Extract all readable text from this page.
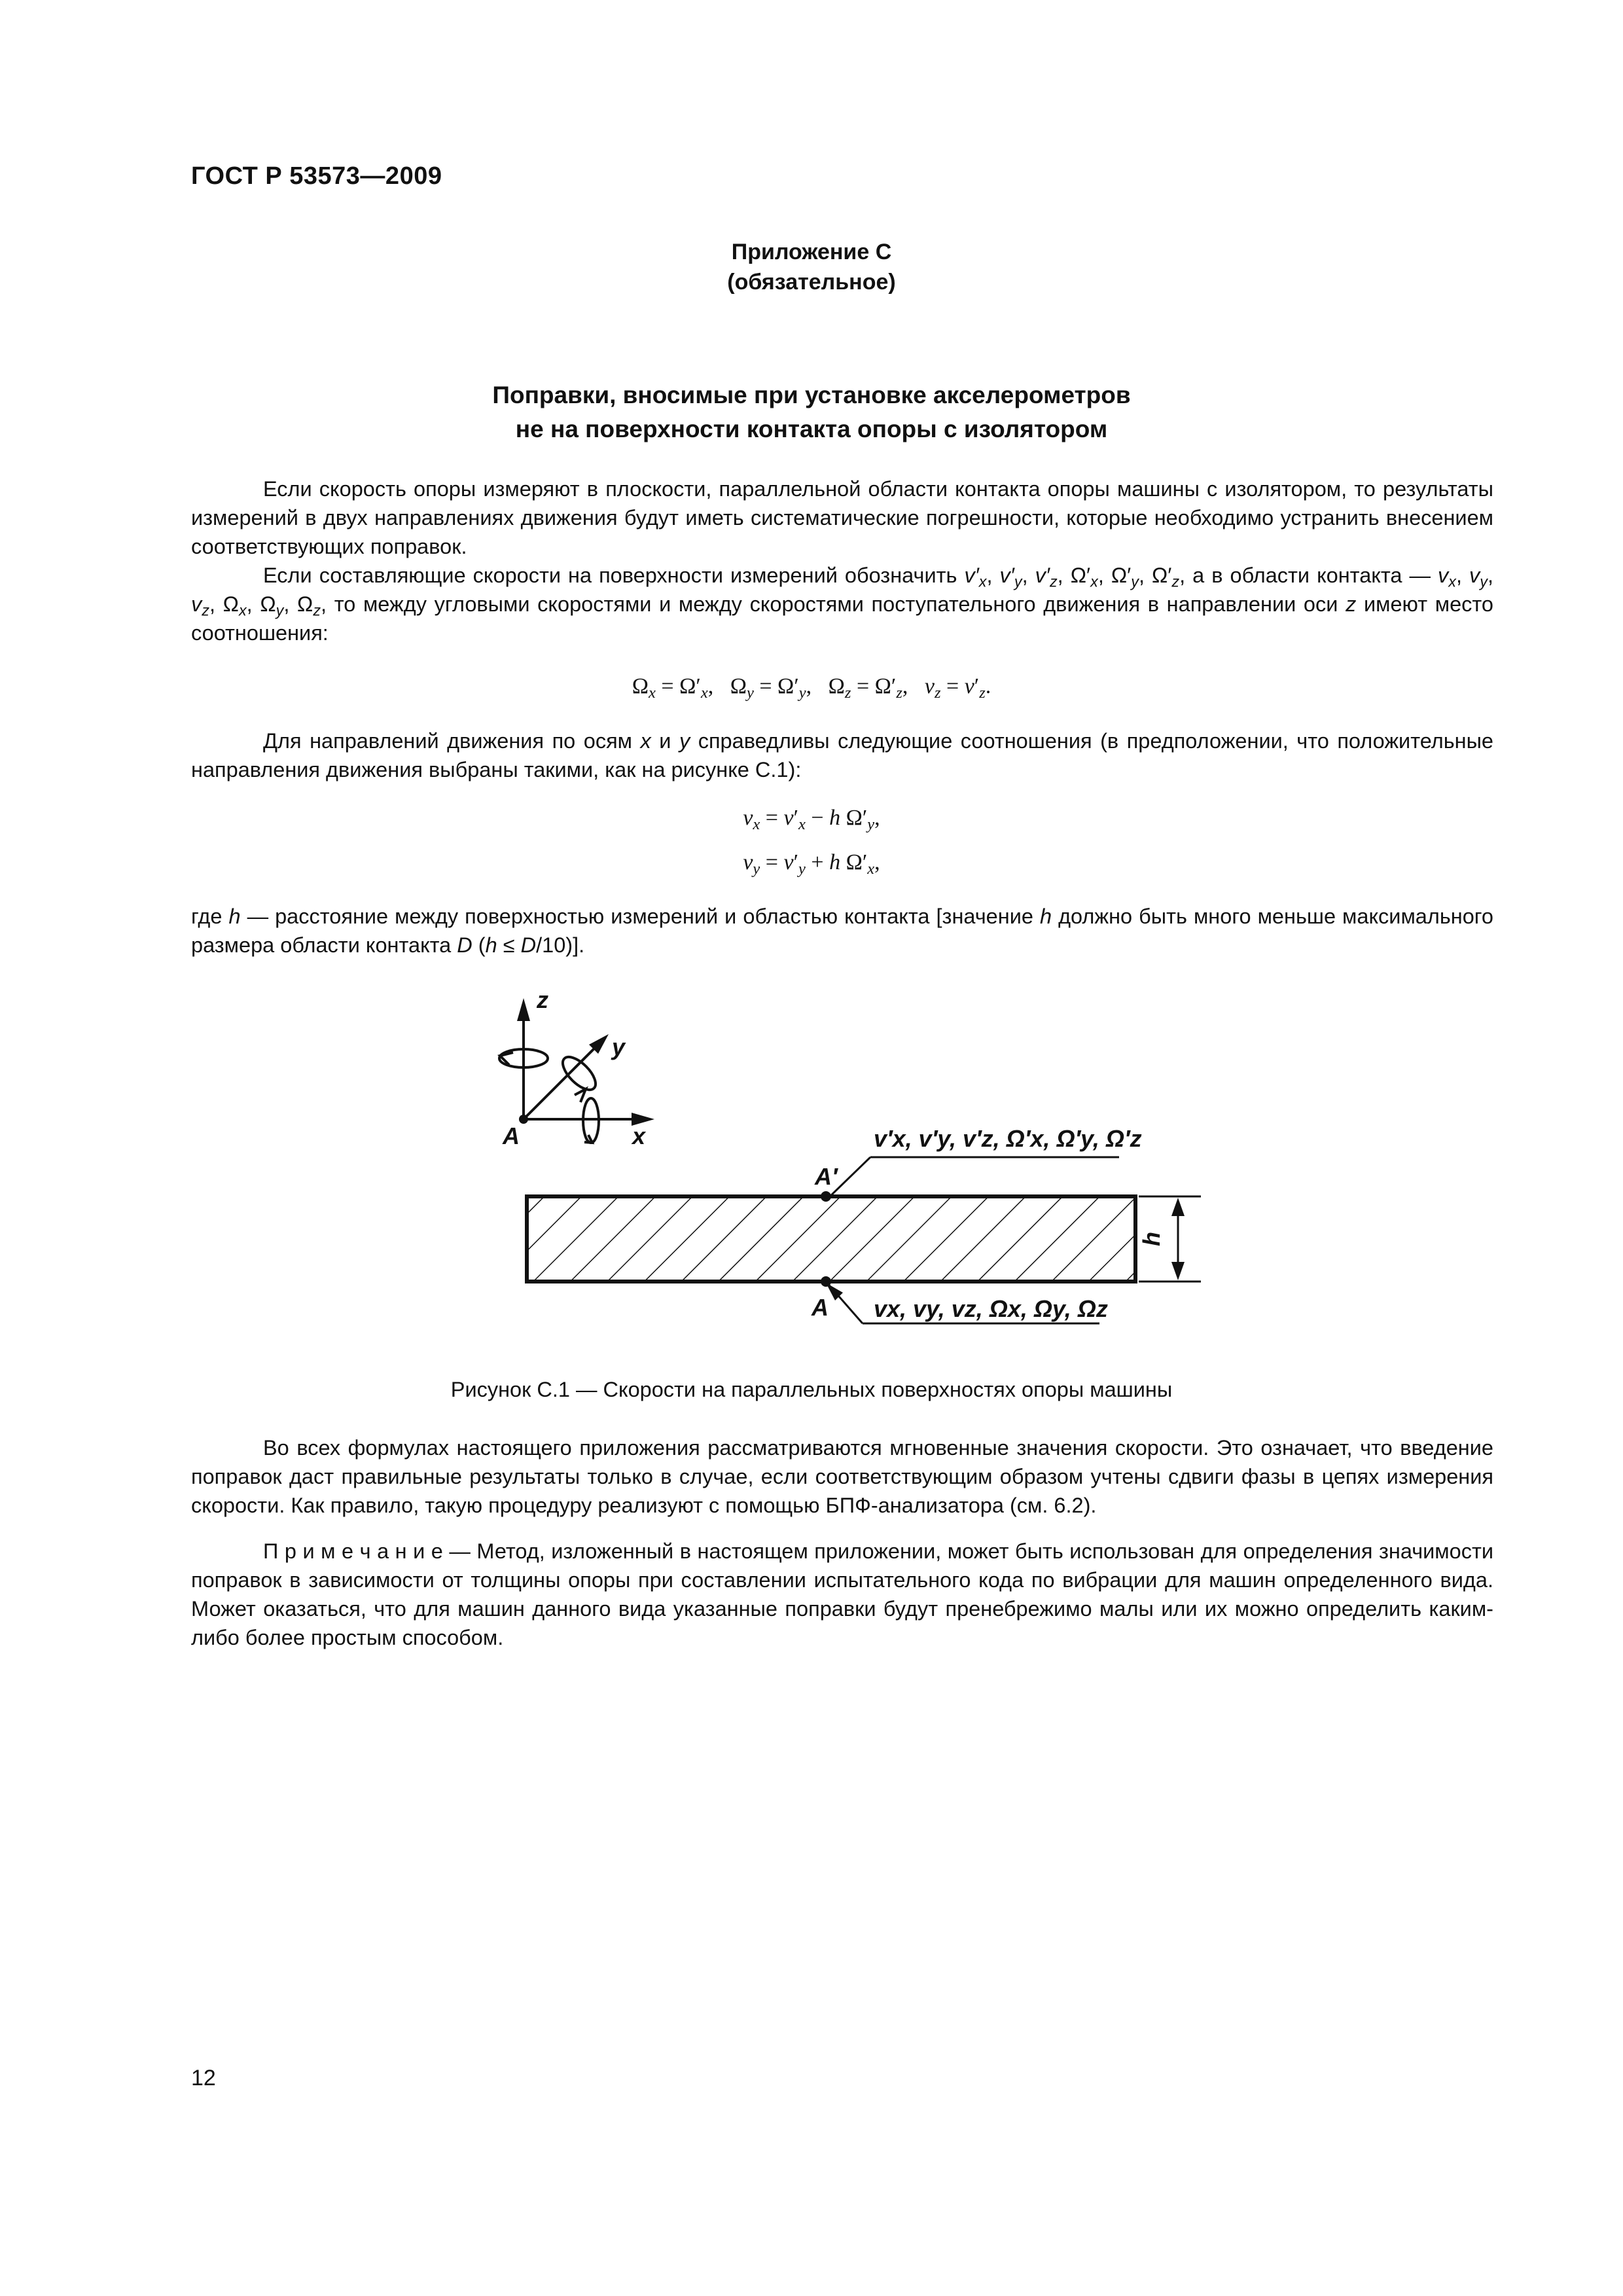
ГОСТ Р 53573—2009
Приложение С
(обязательное)
Поправки, вносимые при установке акселерометров
не на поверхности контакта опоры с изолятором

Если скорость опоры измеряют в плоскости, параллельной области контакта опоры машины с изолятором, то результаты измерений в двух направлениях движения будут иметь систематические погрешности, которые необходимо устранить внесением соответствующих поправок.

Если составляющие скорости на поверхности измерений обозначить $v'_x$, $v'_y$, $v'_z$, $\Omega'_x$, $\Omega'_y$, $\Omega'_z$, а в области контакта — $v_x$, $v_y$, $v_z$, $\Omega_x$, $\Omega_y$, $\Omega_z$, то между угловыми скоростями и между скоростями поступательного движения в направлении оси z имеют место соотношения:

$\Omega_x = \Omega'_x$,   $\Omega_y = \Omega'_y$,   $\Omega_z = \Omega'_z$,   $v_z = v'_z$.

Для направлений движения по осям x и y справедливы следующие соотношения (в предположении, что положительные направления движения выбраны такими, как на рисунке С.1):

$v_x = v'_x - h$ $\Omega'_y$,
$v_y = v'_y + h$ $\Omega'_x$,

где h — расстояние между поверхностью измерений и областью контакта [значение h должно быть много меньше максимального размера области контакта D (h ≤ D/10)].

z
y
x
A
A′
v′x, v′y, v′z, Ω′x, Ω′y, Ω′z
A vx, vy, vz, Ωx, Ωy, Ωz
h
Рисунок С.1 — Скорости на параллельных поверхностях опоры машины

Во всех формулах настоящего приложения рассматриваются мгновенные значения скорости. Это означает, что введение поправок даст правильные результаты только в случае, если соответствующим образом учтены сдвиги фазы в цепях измерения скорости. Как правило, такую процедуру реализуют с помощью БПФ-анализатора (см. 6.2).

П р и м е ч а н и е — Метод, изложенный в настоящем приложении, может быть использован для определения значимости поправок в зависимости от толщины опоры при составлении испытательного кода по вибрации для машин определенного вида. Может оказаться, что для машин данного вида указанные поправки будут пренебрежимо малы или их можно определить каким-либо более простым способом.

12
